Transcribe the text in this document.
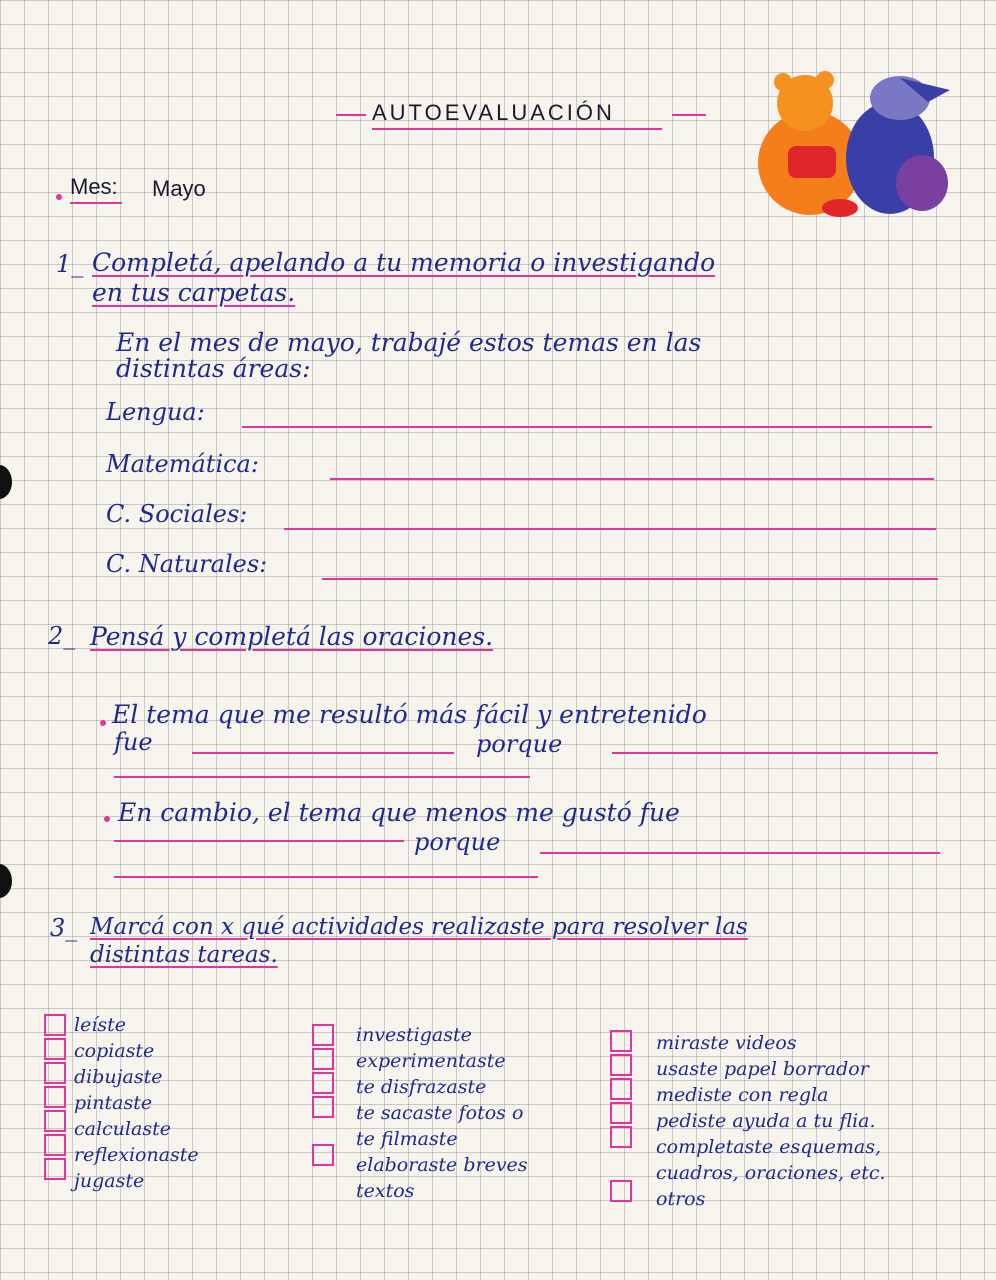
AUTOEVALUACIÓN
Mes: Mayo
1_ Completá, apelando a tu memoria o investigando
en tus carpetas.
En el mes de mayo, trabajé estos temas en las
distintas áreas:
Lengua:
Matemática:
C. Sociales:
C. Naturales:
2_ Pensá y completá las oraciones.
El tema que me resultó más fácil y entretenido
fue	porque
En cambio, el tema que menos me gustó fue
porque
3_ Marcá con x qué actividades realizaste para resolver las
distintas tareas.
leíste
copiaste
dibujaste
pintaste
calculaste
reflexionaste
jugaste
investigaste
experimentaste
te disfrazaste
te sacaste fotos o
te filmaste
elaboraste breves
textos
miraste videos
usaste papel borrador
mediste con regla
pediste ayuda a tu flia.
completaste esquemas,
cuadros, oraciones, etc.
otros
